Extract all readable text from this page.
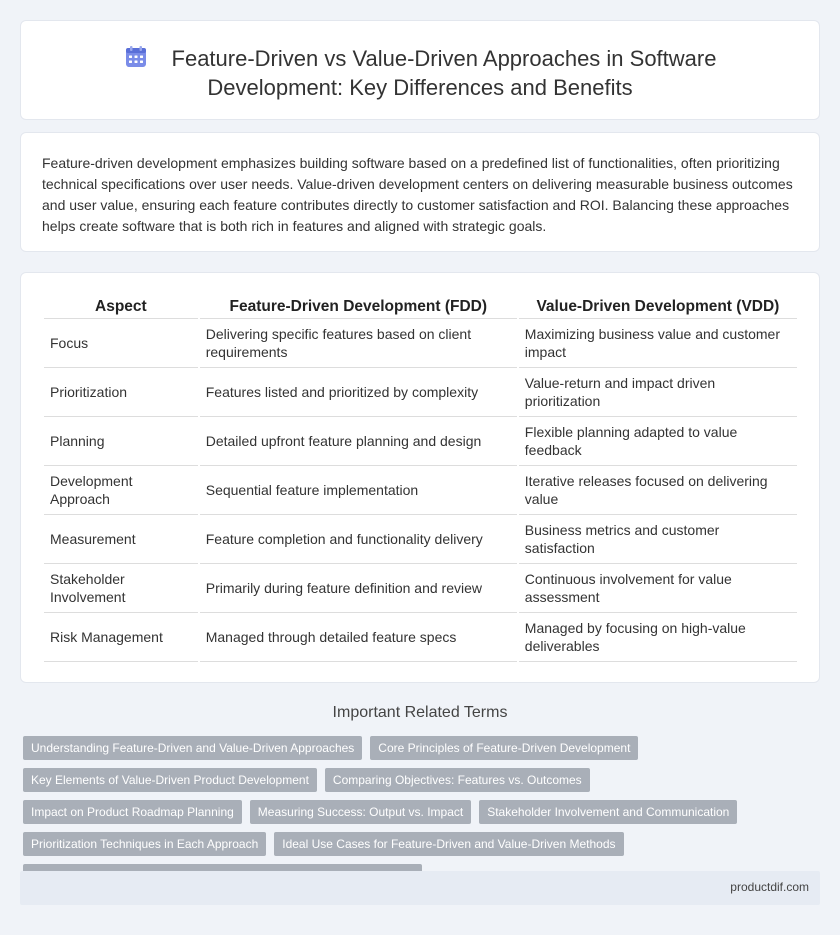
Feature-Driven vs Value-Driven Approaches in Software
Development: Key Differences and Benefits

Feature-driven development emphasizes building software based on a predefined list of functionalities, often prioritizing technical specifications over user needs. Value-driven development centers on delivering measurable business outcomes and user value, ensuring each feature contributes directly to customer satisfaction and ROI. Balancing these approaches helps create software that is both rich in features and aligned with strategic goals.

Aspect	Feature-Driven Development (FDD)	Value-Driven Development (VDD)
Focus	Delivering specific features based on client requirements	Maximizing business value and customer impact
Prioritization	Features listed and prioritized by complexity	Value-return and impact driven prioritization
Planning	Detailed upfront feature planning and design	Flexible planning adapted to value feedback
Development Approach	Sequential feature implementation	Iterative releases focused on delivering value
Measurement	Feature completion and functionality delivery	Business metrics and customer satisfaction
Stakeholder Involvement	Primarily during feature definition and review	Continuous involvement for value assessment
Risk Management	Managed through detailed feature specs	Managed by focusing on high-value deliverables
Important Related Terms
Understanding Feature-Driven and Value-Driven Approaches	Core Principles of Feature-Driven Development
Key Elements of Value-Driven Product Development	Comparing Objectives: Features vs. Outcomes
Impact on Product Roadmap Planning	Measuring Success: Output vs. Impact	Stakeholder Involvement and Communication
Prioritization Techniques in Each Approach	Ideal Use Cases for Feature-Driven and Value-Driven Methods
productdif.com
